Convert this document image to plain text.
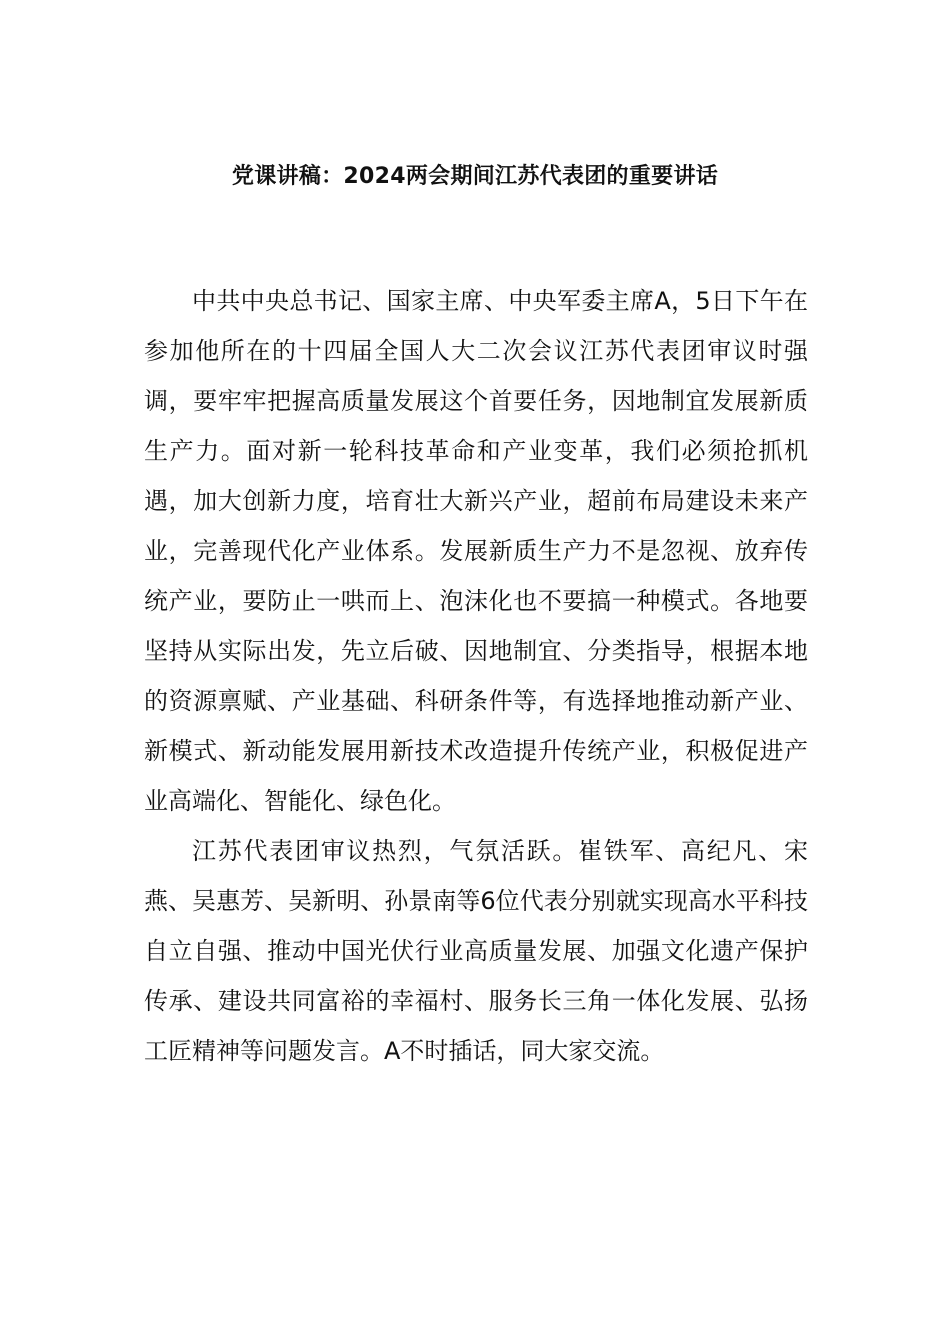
党课讲稿：2024两会期间江苏代表团的重要讲话

中共中央总书记、国家主席、中央军委主席A，5日下午在参加他所在的十四届全国人大二次会议江苏代表团审议时强调，要牢牢把握高质量发展这个首要任务，因地制宜发展新质生产力。面对新一轮科技革命和产业变革，我们必须抢抓机遇，加大创新力度，培育壮大新兴产业，超前布局建设未来产业，完善现代化产业体系。发展新质生产力不是忽视、放弃传统产业，要防止一哄而上、泡沫化也不要搞一种模式。各地要坚持从实际出发，先立后破、因地制宜、分类指导，根据本地的资源禀赋、产业基础、科研条件等，有选择地推动新产业、新模式、新动能发展用新技术改造提升传统产业，积极促进产业高端化、智能化、绿色化。

江苏代表团审议热烈，气氛活跃。崔铁军、高纪凡、宋燕、吴惠芳、吴新明、孙景南等6位代表分别就实现高水平科技自立自强、推动中国光伏行业高质量发展、加强文化遗产保护传承、建设共同富裕的幸福村、服务长三角一体化发展、弘扬工匠精神等问题发言。A不时插话，同大家交流。
